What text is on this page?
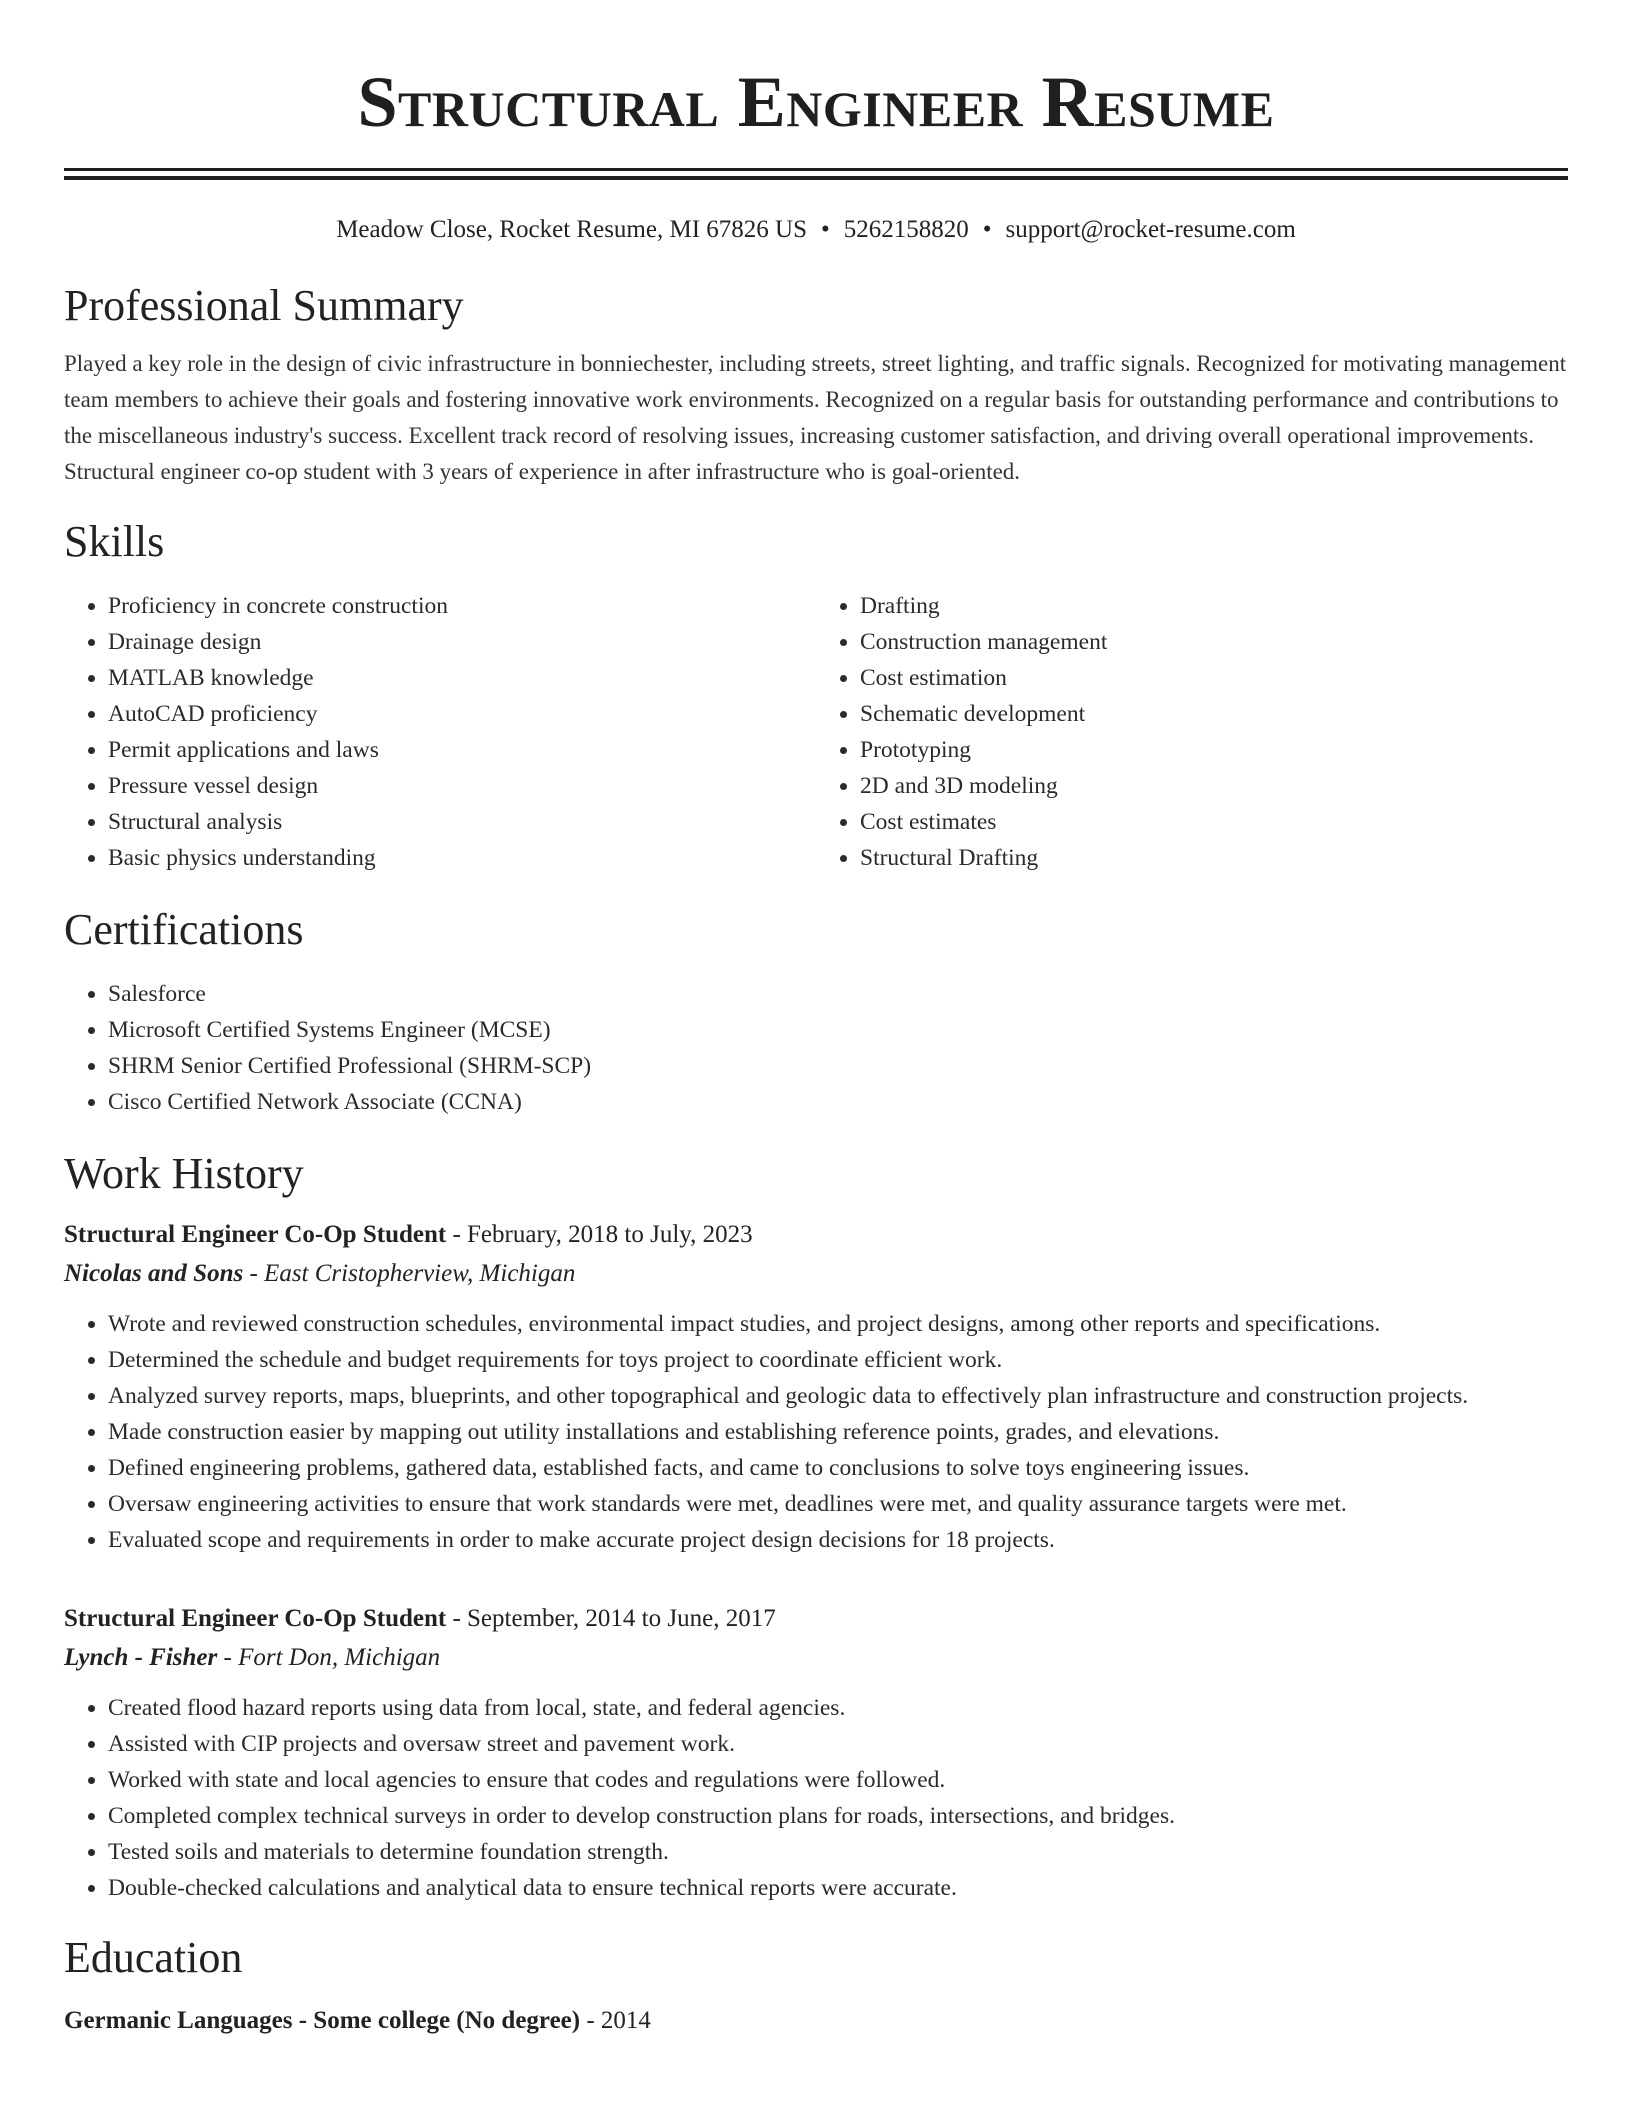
Structural Engineer Resume
Meadow Close, Rocket Resume, MI 67826 US • 5262158820 • support@rocket-resume.com
Professional Summary

Played a key role in the design of civic infrastructure in bonniechester, including streets, street lighting, and traffic signals. Recognized for motivating management team members to achieve their goals and fostering innovative work environments. Recognized on a regular basis for outstanding performance and contributions to the miscellaneous industry's success. Excellent track record of resolving issues, increasing customer satisfaction, and driving overall operational improvements. Structural engineer co-op student with 3 years of experience in after infrastructure who is goal-oriented.

Skills
• Proficiency in concrete construction
• Drainage design
• MATLAB knowledge
• AutoCAD proficiency
• Permit applications and laws
• Pressure vessel design
• Structural analysis
• Basic physics understanding
• Drafting
• Construction management
• Cost estimation
• Schematic development
• Prototyping
• 2D and 3D modeling
• Cost estimates
• Structural Drafting
Certifications
• Salesforce
• Microsoft Certified Systems Engineer (MCSE)
• SHRM Senior Certified Professional (SHRM-SCP)
• Cisco Certified Network Associate (CCNA)
Work History
Structural Engineer Co-Op Student - February, 2018 to July, 2023
Nicolas and Sons - East Cristopherview, Michigan
• Wrote and reviewed construction schedules, environmental impact studies, and project designs, among other reports and specifications.
• Determined the schedule and budget requirements for toys project to coordinate efficient work.
• Analyzed survey reports, maps, blueprints, and other topographical and geologic data to effectively plan infrastructure and construction projects.
• Made construction easier by mapping out utility installations and establishing reference points, grades, and elevations.
• Defined engineering problems, gathered data, established facts, and came to conclusions to solve toys engineering issues.
• Oversaw engineering activities to ensure that work standards were met, deadlines were met, and quality assurance targets were met.
• Evaluated scope and requirements in order to make accurate project design decisions for 18 projects.
Structural Engineer Co-Op Student - September, 2014 to June, 2017
Lynch - Fisher - Fort Don, Michigan
• Created flood hazard reports using data from local, state, and federal agencies.
• Assisted with CIP projects and oversaw street and pavement work.
• Worked with state and local agencies to ensure that codes and regulations were followed.
• Completed complex technical surveys in order to develop construction plans for roads, intersections, and bridges.
• Tested soils and materials to determine foundation strength.
• Double-checked calculations and analytical data to ensure technical reports were accurate.
Education
Germanic Languages - Some college (No degree) - 2014
